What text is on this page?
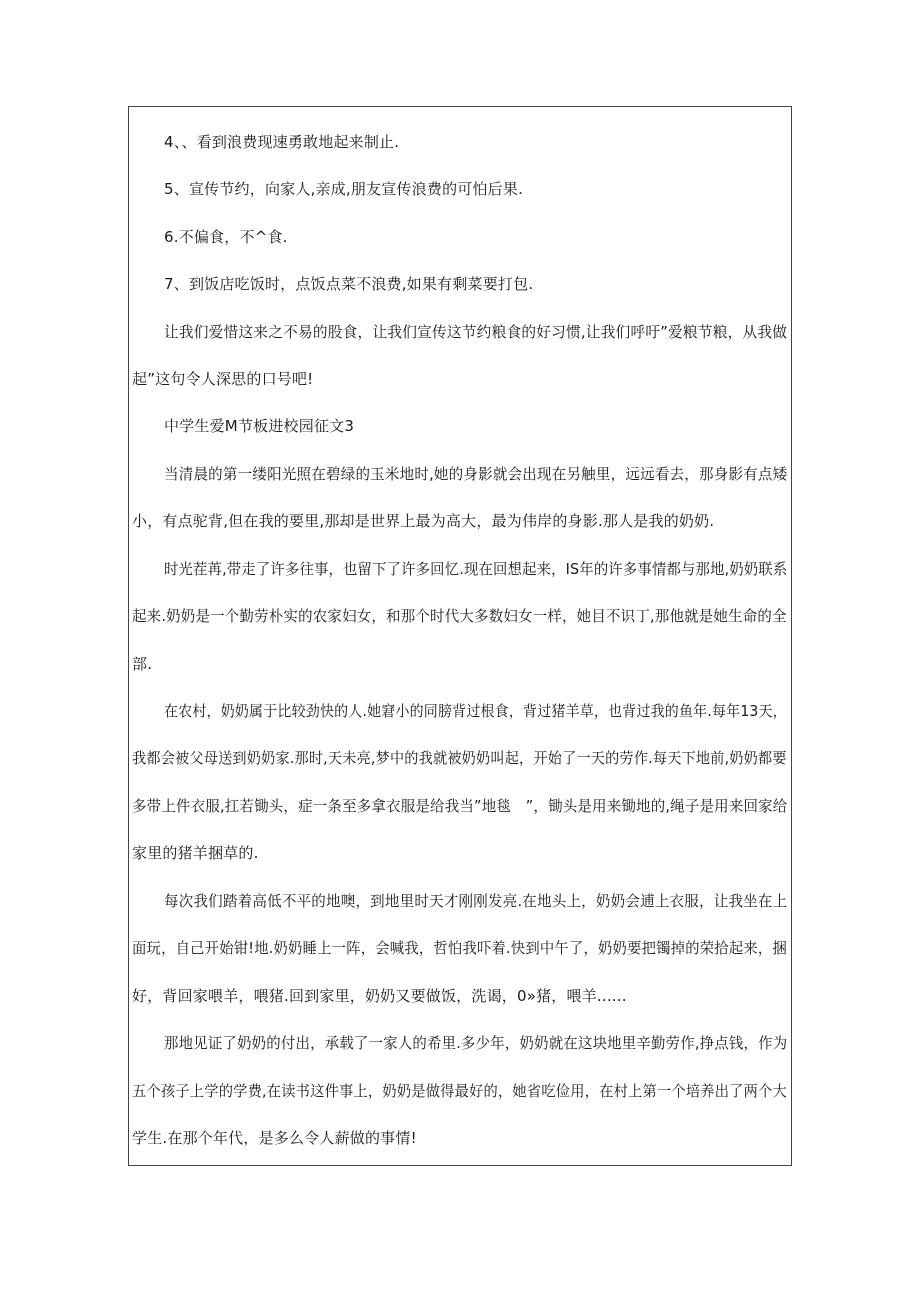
4、、看到浪费现速勇敢地起来制止.
5、宣传节约，向家人,亲成,朋友宣传浪费的可怕后果.
6.不偏食，不^食.
7、到饭店吃饭时，点饭点菜不浪费,如果有剩菜要打包.
让我们爱惜这来之不易的股食，让我们宣传这节约粮食的好习惯,让我们呼吁”爱粮节粮，从我做
起”这句令人深思的口号吧!
中学生爱M节板进校园征文3
当清晨的第一缕阳光照在碧绿的玉米地时,她的身影就会出现在另触里，远远看去，那身影有点矮
小，有点驼背,但在我的要里,那却是世界上最为高大，最为伟岸的身影.那人是我的奶奶.
时光茬苒,带走了许多往事，也留下了许多回忆.现在回想起来，IS年的许多事情都与那地,奶奶联系
起来.奶奶是一个勤劳朴实的农家妇女，和那个时代大多数妇女一样，她目不识丁,那他就是她生命的全
部.
在农村，奶奶属于比较劲快的人.她窘小的同膀背过根食，背过猪羊草，也背过我的鱼年.每年13天，
我都会被父母送到奶奶家.那时,天未亮,梦中的我就被奶奶叫起，开始了一天的劳作.每天下地前,奶奶都要
多带上件衣服,扛若锄头，症一条至多拿衣服是给我当”地毯　”，锄头是用来锄地的,绳子是用来回家给
家里的猪羊捆草的.
每次我们踏着高低不平的地噢，到地里时天才刚刚发亮.在地头上，奶奶会逋上衣服，让我坐在上
面玩，自己开始钳!地.奶奶睡上一阵，会喊我，哲怕我吓着.快到中午了，奶奶要把镯掉的荣拾起来，捆
好，背回家喂羊，喂猪.回到家里，奶奶又要做饭，洗谒，0»猪，喂羊......
那地见证了奶奶的付出，承载了一家人的希里.多少年，奶奶就在这块地里辛勤劳作,挣点钱，作为
五个孩子上学的学费,在读书这件事上，奶奶是做得最好的，她省吃俭用，在村上第一个培养出了两个大
学生.在那个年代，是多么令人薪做的事情!
